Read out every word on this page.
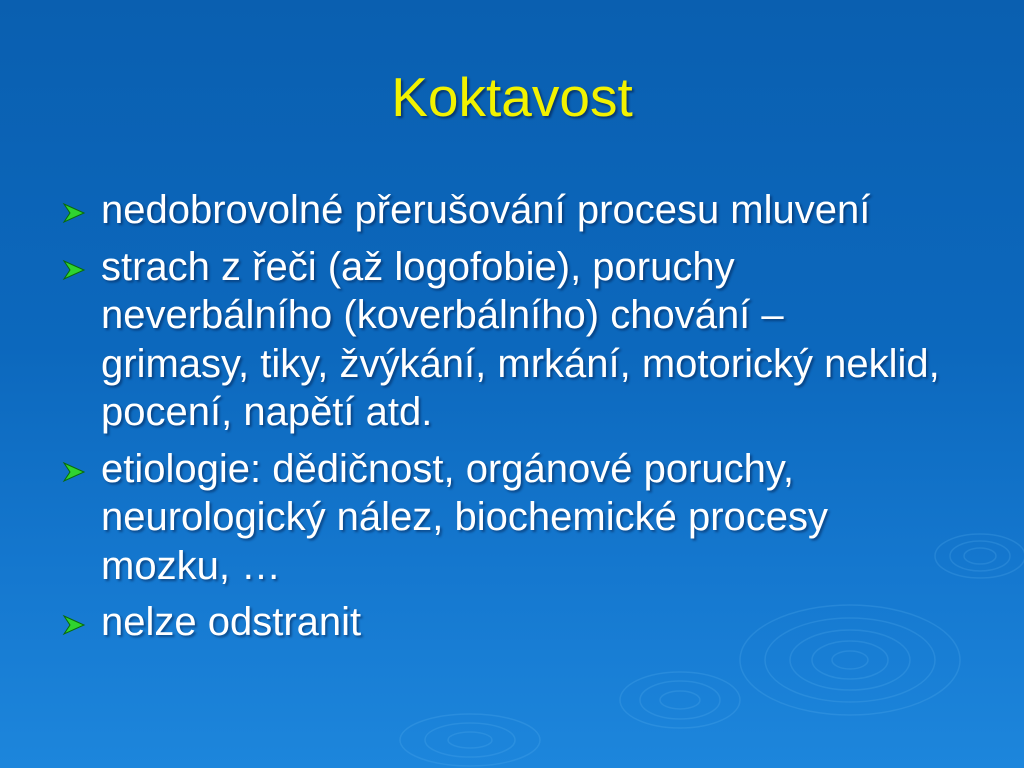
Koktavost
nedobrovolné přerušování procesu mluvení
strach z řeči (až logofobie), poruchy neverbálního (koverbálního) chování – grimasy, tiky, žvýkání, mrkání, motorický neklid, pocení, napětí atd.
etiologie: dědičnost, orgánové poruchy, neurologický nález, biochemické procesy mozku, …
nelze odstranit
